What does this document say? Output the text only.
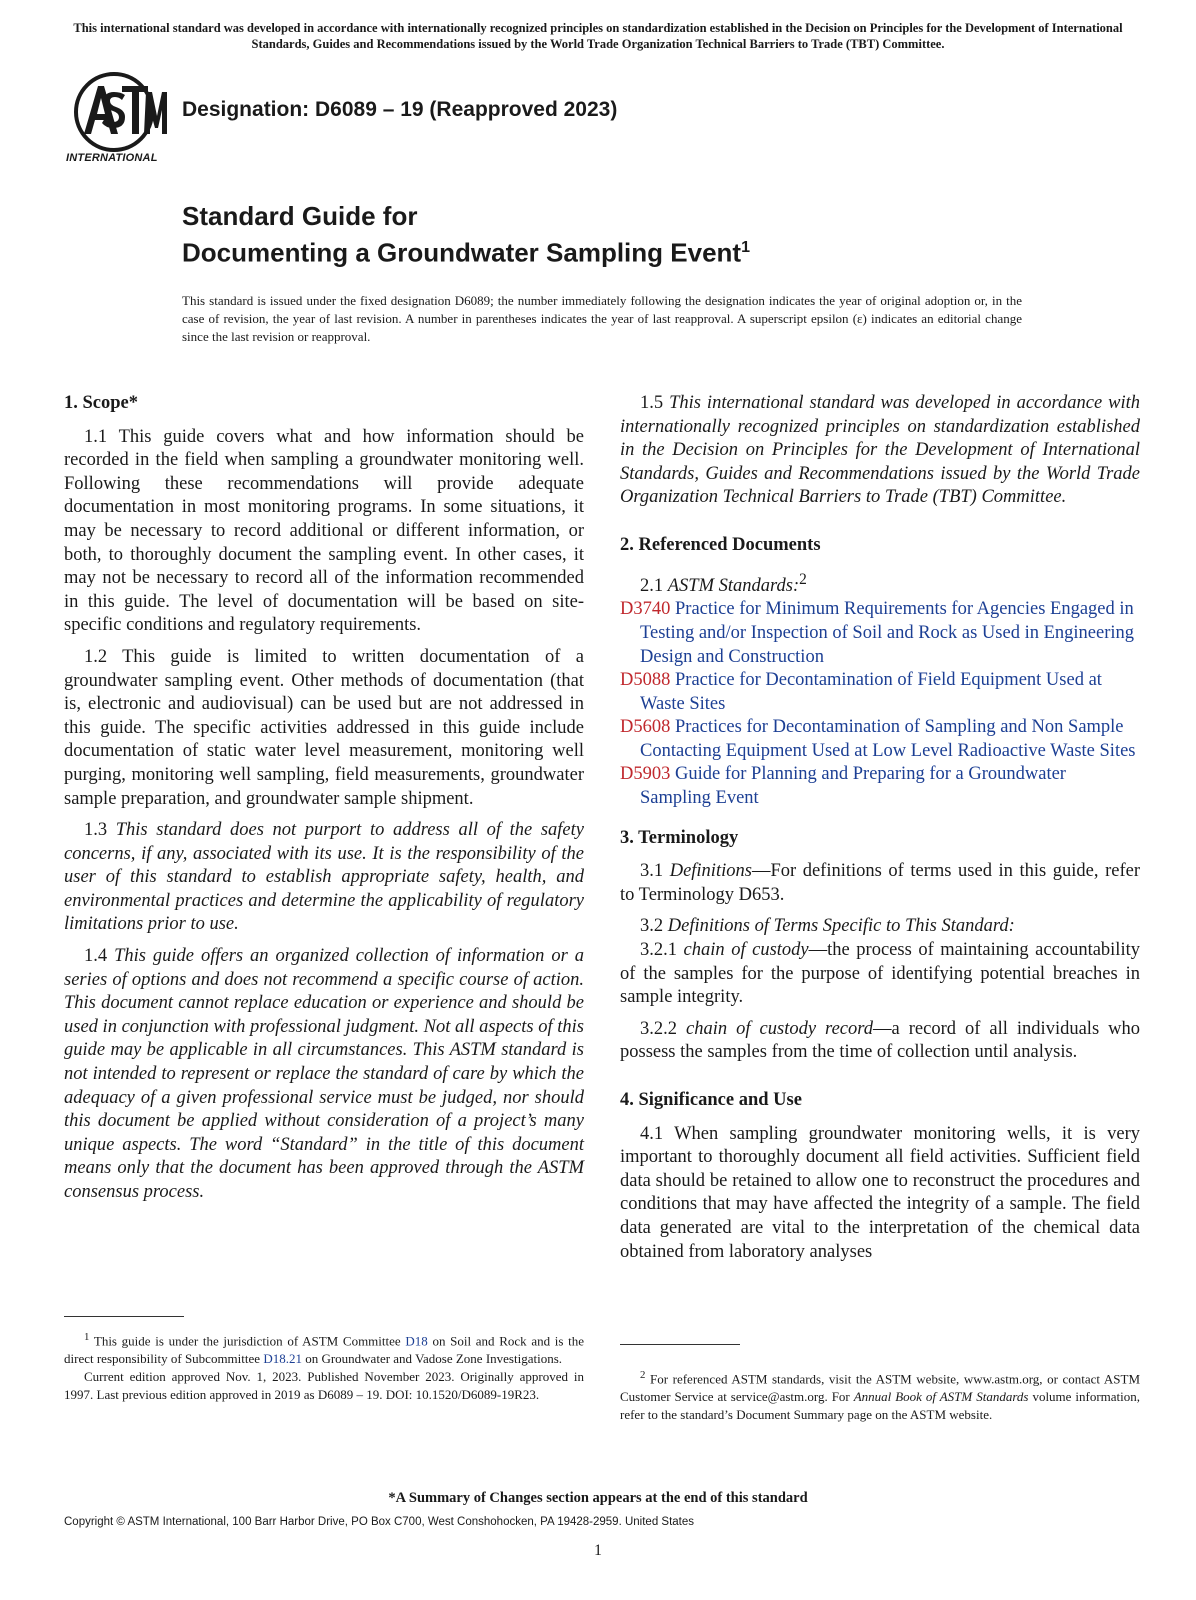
This international standard was developed in accordance with internationally recognized principles on standardization established in the Decision on Principles for the Development of International Standards, Guides and Recommendations issued by the World Trade Organization Technical Barriers to Trade (TBT) Committee.
INTERNATIONAL
Designation: D6089 – 19 (Reapproved 2023)
Standard Guide for
Documenting a Groundwater Sampling Event$^1$
This standard is issued under the fixed designation D6089; the number immediately following the designation indicates the year of original adoption or, in the case of revision, the year of last revision. A number in parentheses indicates the year of last reapproval. A superscript epsilon (ε) indicates an editorial change since the last revision or reapproval.
1. Scope*

1.1 This guide covers what and how information should be recorded in the field when sampling a groundwater monitoring well. Following these recommendations will provide adequate documentation in most monitoring programs. In some situations, it may be necessary to record additional or different information, or both, to thoroughly document the sampling event. In other cases, it may not be necessary to record all of the information recommended in this guide. The level of documentation will be based on site-specific conditions and regulatory requirements.

1.2 This guide is limited to written documentation of a groundwater sampling event. Other methods of documentation (that is, electronic and audiovisual) can be used but are not addressed in this guide. The specific activities addressed in this guide include documentation of static water level measurement, monitoring well purging, monitoring well sampling, field measurements, groundwater sample preparation, and groundwater sample shipment.

1.3 This standard does not purport to address all of the safety concerns, if any, associated with its use. It is the responsibility of the user of this standard to establish appropriate safety, health, and environmental practices and determine the applicability of regulatory limitations prior to use.

1.4 This guide offers an organized collection of information or a series of options and does not recommend a specific course of action. This document cannot replace education or experience and should be used in conjunction with professional judgment. Not all aspects of this guide may be applicable in all circumstances. This ASTM standard is not intended to represent or replace the standard of care by which the adequacy of a given professional service must be judged, nor should this document be applied without consideration of a project’s many unique aspects. The word “Standard” in the title of this document means only that the document has been approved through the ASTM consensus process.

1.5 This international standard was developed in accordance with internationally recognized principles on standardization established in the Decision on Principles for the Development of International Standards, Guides and Recommendations issued by the World Trade Organization Technical Barriers to Trade (TBT) Committee.

2. Referenced Documents

2.1 ASTM Standards:$^2$

D3740 Practice for Minimum Requirements for Agencies Engaged in Testing and/or Inspection of Soil and Rock as Used in Engineering Design and Construction
D5088 Practice for Decontamination of Field Equipment Used at Waste Sites
D5608 Practices for Decontamination of Sampling and Non Sample Contacting Equipment Used at Low Level Radioactive Waste Sites
D5903 Guide for Planning and Preparing for a Groundwater Sampling Event
3. Terminology

3.1 Definitions—For definitions of terms used in this guide, refer to Terminology D653.

3.2 Definitions of Terms Specific to This Standard:

3.2.1 chain of custody—the process of maintaining accountability of the samples for the purpose of identifying potential breaches in sample integrity.

3.2.2 chain of custody record—a record of all individuals who possess the samples from the time of collection until analysis.

4. Significance and Use

4.1 When sampling groundwater monitoring wells, it is very important to thoroughly document all field activities. Sufficient field data should be retained to allow one to reconstruct the procedures and conditions that may have affected the integrity of a sample. The field data generated are vital to the interpretation of the chemical data obtained from laboratory analyses

$^1$ This guide is under the jurisdiction of ASTM Committee D18 on Soil and Rock and is the direct responsibility of Subcommittee D18.21 on Groundwater and Vadose Zone Investigations.

Current edition approved Nov. 1, 2023. Published November 2023. Originally approved in 1997. Last previous edition approved in 2019 as D6089 – 19. DOI: 10.1520/D6089-19R23.

$^2$ For referenced ASTM standards, visit the ASTM website, www.astm.org, or contact ASTM Customer Service at service@astm.org. For Annual Book of ASTM Standards volume information, refer to the standard’s Document Summary page on the ASTM website.

*A Summary of Changes section appears at the end of this standard
Copyright © ASTM International, 100 Barr Harbor Drive, PO Box C700, West Conshohocken, PA 19428-2959. United States
1
